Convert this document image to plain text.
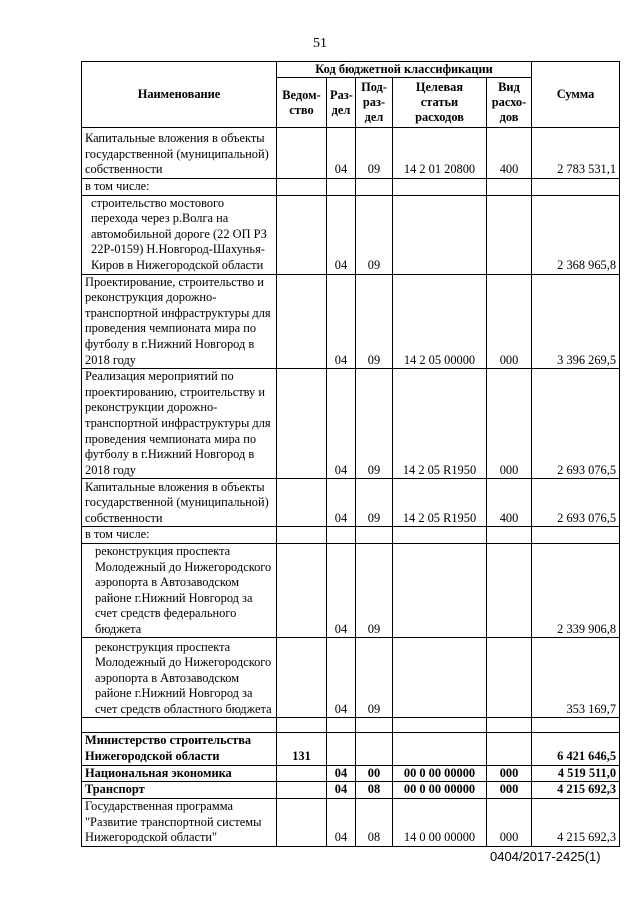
51
Наименование	Код бюджетной классификации					Сумма
	Ведом-ство	Раз-дел	Под-раз-дел	Целевая статьи расходов	Вид расхо-дов	
Капитальные вложения в объекты государственной (муниципальной) собственности		04	09	14 2 01 20800	400	2 783 531,1
в том числе:						
строительство мостового перехода через р.Волга на автомобильной дороге (22 ОП РЗ 22Р-0159) Н.Новгород-Шахунья-Киров в Нижегородской области		04	09			2 368 965,8
Проектирование, строительство и реконструкция дорожно-транспортной инфраструктуры для проведения чемпионата мира по футболу в г.Нижний Новгород в 2018 году		04	09	14 2 05 00000	000	3 396 269,5
Реализация мероприятий по проектированию, строительству и реконструкции дорожно-транспортной инфраструктуры для проведения чемпионата мира по футболу в г.Нижний Новгород в 2018 году		04	09	14 2 05 R1950	000	2 693 076,5
Капитальные вложения в объекты государственной (муниципальной) собственности		04	09	14 2 05 R1950	400	2 693 076,5
в том числе:						
реконструкция проспекта Молодежный до Нижегородского аэропорта в Автозаводском районе г.Нижний Новгород за счет средств федерального бюджета		04	09			2 339 906,8
реконструкция проспекта Молодежный до Нижегородского аэропорта в Автозаводском районе г.Нижний Новгород за счет средств областного бюджета		04	09			353 169,7

Министерство строительства Нижегородской области	131					6 421 646,5
Национальная экономика		04	00	00 0 00 00000	000	4 519 511,0
Транспорт		04	08	00 0 00 00000	000	4 215 692,3
Государственная программа "Развитие транспортной системы Нижегородской области"		04	08	14 0 00 00000	000	4 215 692,3
0404/2017-2425(1)
